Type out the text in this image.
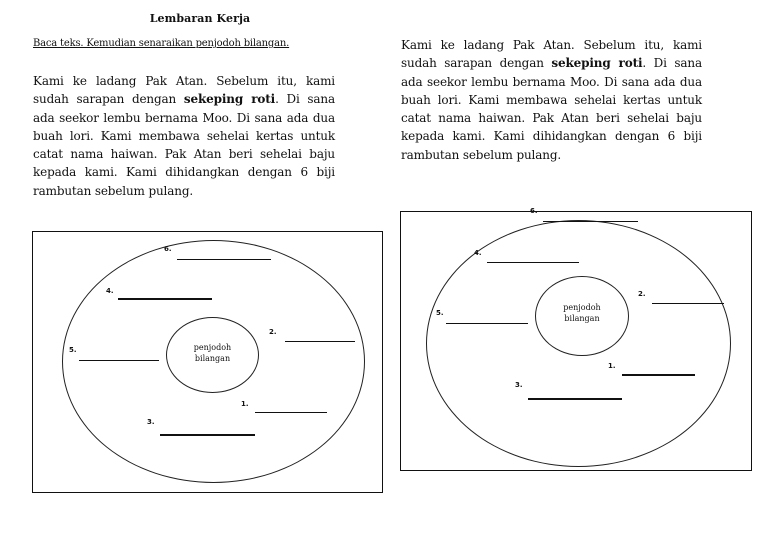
Lembaran Kerja
Baca teks. Kemudian senaraikan penjodoh bilangan.
Kami ke ladang Pak Atan. Sebelum itu, kami sudah sarapan dengan sekeping roti. Di sana ada seekor lembu bernama Moo. Di sana ada dua buah lori. Kami membawa sehelai kertas untuk catat nama haiwan. Pak Atan beri sehelai baju kepada kami. Kami dihidangkan dengan 6 biji rambutan sebelum pulang.
Kami ke ladang Pak Atan. Sebelum itu, kami sudah sarapan dengan sekeping roti. Di sana ada seekor lembu bernama Moo. Di sana ada dua buah lori. Kami membawa sehelai kertas untuk catat nama haiwan. Pak Atan beri sehelai baju kepada kami. Kami dihidangkan dengan 6 biji rambutan sebelum pulang.
penjodoh
bilangan
6.
4.
2.
5.
1.
3.
penjodoh
bilangan
6.
4.
2.
5.
1.
3.
